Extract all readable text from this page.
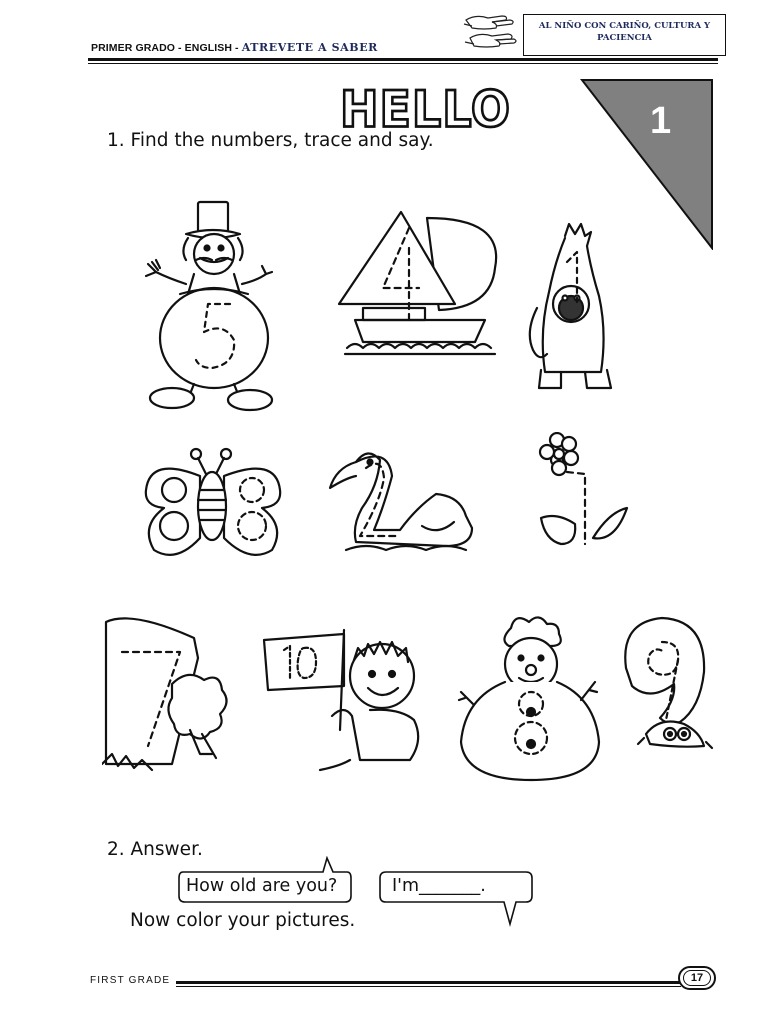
PRIMER GRADO - ENGLISH - ATREVETE A SABER
AL NIÑO CON CARIÑO, CULTURA Y
PACIENCIA
HELLO	1
1. Find the numbers, trace and say.
2. Answer.
How old are you?	I'm_______.
Now color your pictures.
FIRST GRADE	17
